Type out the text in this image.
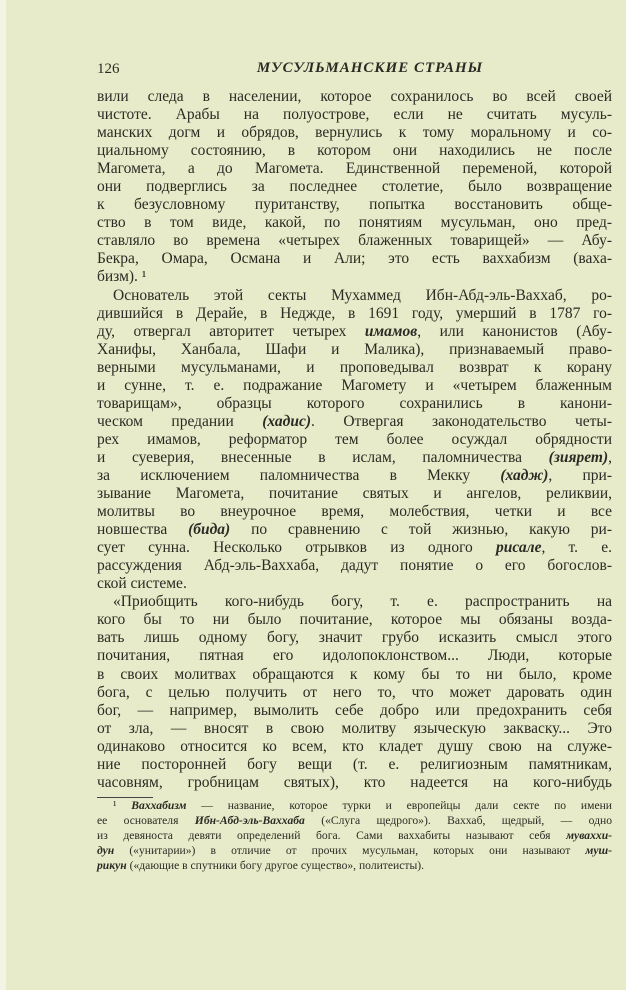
126	МУСУЛЬМАНСКИЕ СТРАНЫ
вили следа в населении, которое сохранилось во всей своей
чистоте. Арабы на полуострове, если не считать мусуль-
манских догм и обрядов, вернулись к тому моральному и со-
циальному состоянию, в котором они находились не после
Магомета, а до Магомета. Единственной переменой, которой
они подверглись за последнее столетие, было возвращение
к безусловному пуританству, попытка восстановить обще-
ство в том виде, какой, по понятиям мусульман, оно пред-
ставляло во времена «четырех блаженных товарищей» — Абу-
Бекра, Омара, Османа и Али; это есть ваххабизм (ваха-
бизм). ¹
Основатель этой секты Мухаммед Ибн-Абд-эль-Ваххаб, ро-
дившийся в Дерайе, в Неджде, в 1691 году, умерший в 1787 го-
ду, отвергал авторитет четырех имамов, или канонистов (Абу-
Ханифы, Ханбала, Шафи и Малика), признаваемый право-
верными мусульманами, и проповедывал возврат к корану
и сунне, т. е. подражание Магомету и «четырем блаженным
товарищам», образцы которого сохранились в канони-
ческом предании (хадис). Отвергая законодательство четы-
рех имамов, реформатор тем более осуждал обрядности
и суеверия, внесенные в ислам, паломничества (зиярет),
за исключением паломничества в Мекку (хадж), при-
зывание Магомета, почитание святых и ангелов, реликвии,
молитвы во внеурочное время, молебствия, четки и все
новшества (бида) по сравнению с той жизнью, какую ри-
сует сунна. Несколько отрывков из одного рисале, т. е.
рассуждения Абд-эль-Ваххаба, дадут понятие о его богослов-
ской системе.
«Приобщить кого-нибудь богу, т. е. распространить на
кого бы то ни было почитание, которое мы обязаны возда-
вать лишь одному богу, значит грубо исказить смысл этого
почитания, пятная его идолопоклонством... Люди, которые
в своих молитвах обращаются к кому бы то ни было, кроме
бога, с целью получить от него то, что может даровать один
бог, — например, вымолить себе добро или предохранить себя
от зла, — вносят в свою молитву языческую закваску... Это
одинаково относится ко всем, кто кладет душу свою на служе-
ние посторонней богу вещи (т. е. религиозным памятникам,
часовням, гробницам святых), кто надеется на кого-нибудь
¹ Ваххабизм — название, которое турки и европейцы дали секте по имени
ее основателя Ибн-Абд-эль-Ваххаба («Слуга щедрого»). Ваххаб, щедрый, — одно
из девяноста девяти определений бога. Сами ваххабиты называют себя муваххи-
дун («унитарии») в отличие от прочих мусульман, которых они называют муш-
рикун («дающие в спутники богу другое существо», политеисты).
